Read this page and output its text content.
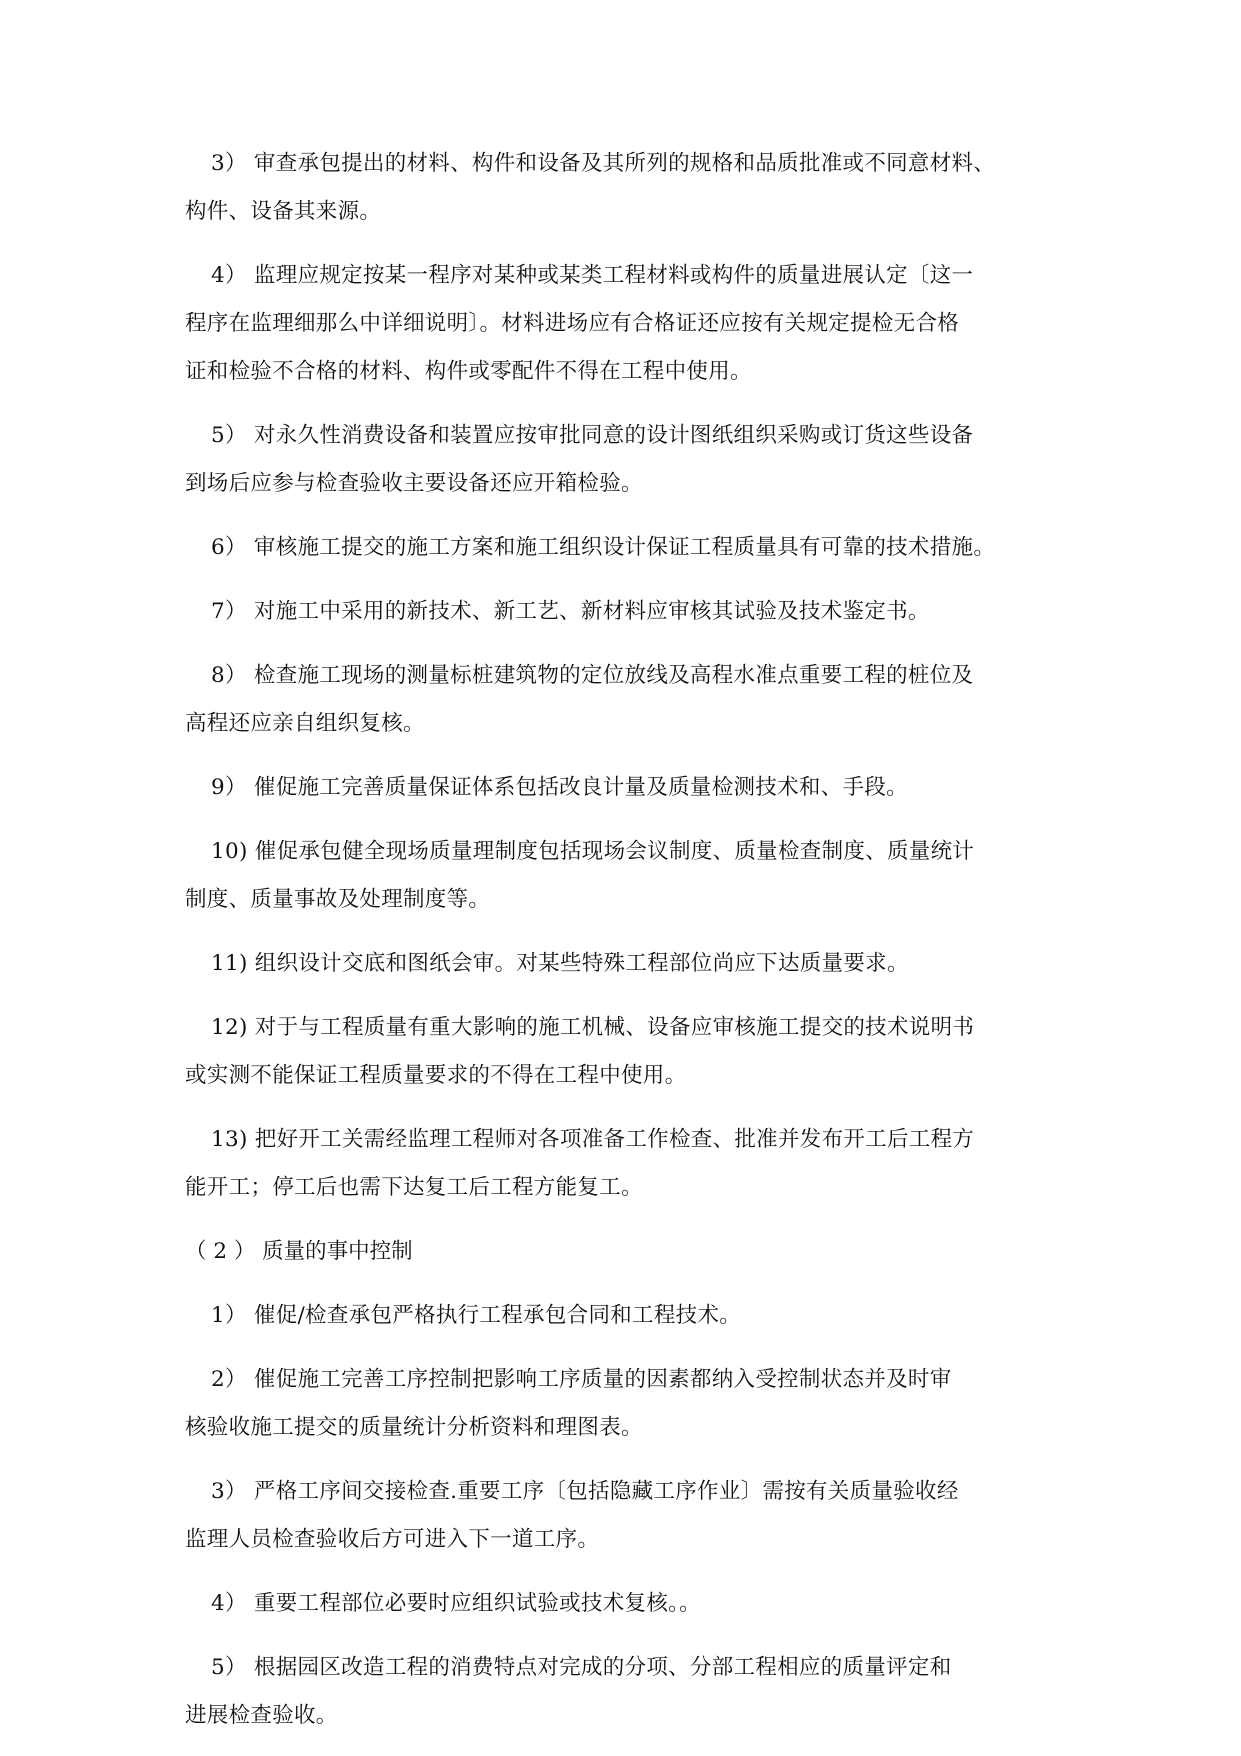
3） 审查承包提出的材料、构件和设备及其所列的规格和品质批准或不同意材料、
构件、设备其来源。
4） 监理应规定按某一程序对某种或某类工程材料或构件的质量进展认定〔这一
程序在监理细那么中详细说明〕。材料进场应有合格证还应按有关规定提检无合格
证和检验不合格的材料、构件或零配件不得在工程中使用。
5） 对永久性消费设备和装置应按审批同意的设计图纸组织采购或订货这些设备
到场后应参与检查验收主要设备还应开箱检验。
6） 审核施工提交的施工方案和施工组织设计保证工程质量具有可靠的技术措施。
7） 对施工中采用的新技术、新工艺、新材料应审核其试验及技术鉴定书。
8） 检查施工现场的测量标桩建筑物的定位放线及高程水准点重要工程的桩位及
高程还应亲自组织复核。
9） 催促施工完善质量保证体系包括改良计量及质量检测技术和、手段。
10) 催促承包健全现场质量理制度包括现场会议制度、质量检查制度、质量统计
制度、质量事故及处理制度等。
11) 组织设计交底和图纸会审。对某些特殊工程部位尚应下达质量要求。
12) 对于与工程质量有重大影响的施工机械、设备应审核施工提交的技术说明书
或实测不能保证工程质量要求的不得在工程中使用。
13) 把好开工关需经监理工程师对各项准备工作检查、批准并发布开工后工程方
能开工；停工后也需下达复工后工程方能复工。
（ 2 ） 质量的事中控制
1） 催促/检查承包严格执行工程承包合同和工程技术。
2） 催促施工完善工序控制把影响工序质量的因素都纳入受控制状态并及时审
核验收施工提交的质量统计分析资料和理图表。
3） 严格工序间交接检查.重要工序〔包括隐藏工序作业〕需按有关质量验收经
监理人员检查验收后方可进入下一道工序。
4） 重要工程部位必要时应组织试验或技术复核。。
5） 根据园区改造工程的消费特点对完成的分项、分部工程相应的质量评定和
进展检查验收。
